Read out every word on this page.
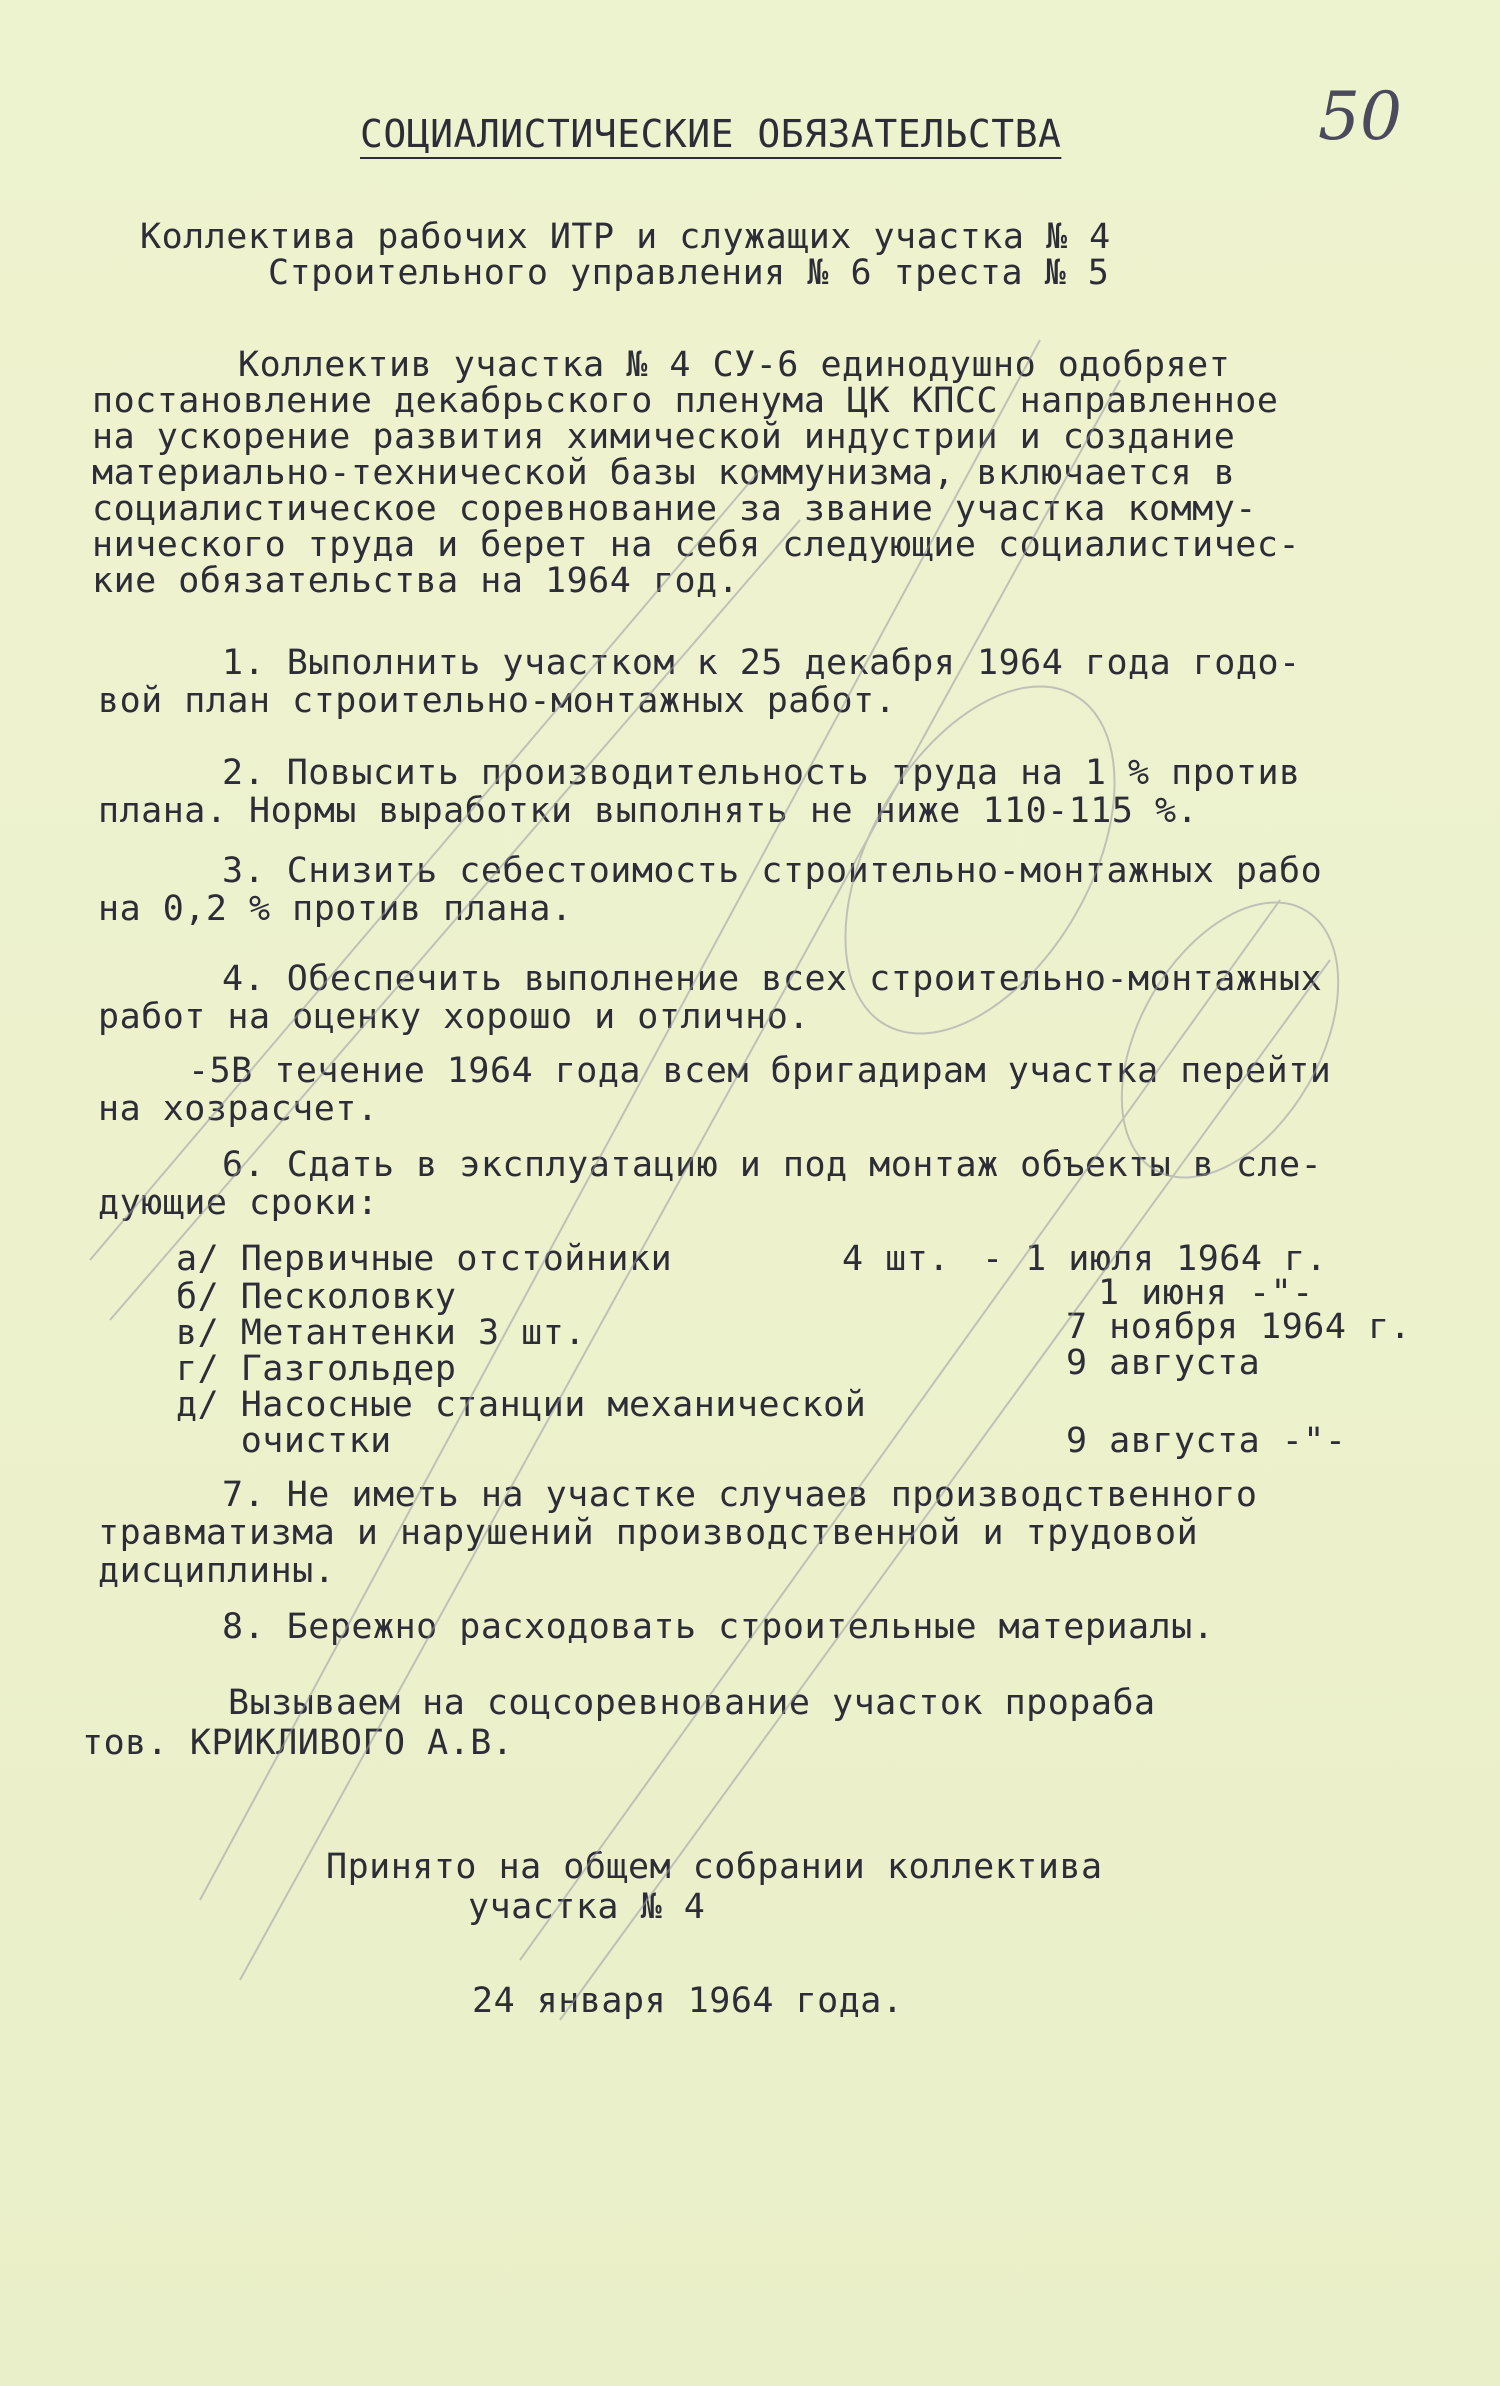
50
СОЦИАЛИСТИЧЕСКИЕ ОБЯЗАТЕЛЬСТВА
Коллектива рабочих ИТР и служащих участка № 4
Строительного управления № 6 треста № 5
Коллектив участка № 4 СУ-6 единодушно одобряет
постановление декабрьского пленума ЦК КПСС направленное
на ускорение развития химической индустрии и создание
материально-технической базы коммунизма, включается в
социалистическое соревнование за звание участка комму-
нического труда и берет на себя следующие социалистичес-
кие обязательства на 1964 год.
1. Выполнить участком к 25 декабря 1964 года годо-
вой план строительно-монтажных работ.
2. Повысить производительность труда на 1 % против
плана. Нормы выработки выполнять не ниже 110-115 %.
3. Снизить себестоимость строительно-монтажных рабо
на 0,2 % против плана.
4. Обеспечить выполнение всех строительно-монтажных
работ на оценку хорошо и отлично.
-5В течение 1964 года всем бригадирам участка перейти
на хозрасчет.
6. Сдать в эксплуатацию и под монтаж объекты в сле-
дующие сроки:
а/ Первичные отстойники	4 шт. - 1 июля 1964 г.
б/ Песколовку	1 июня -"-
в/ Метантенки 3 шт.	7 ноября 1964 г.
г/ Газгольдер	9 августа
д/ Насосные станции механической
очистки	9 августа -"-
7. Не иметь на участке случаев производственного
травматизма и нарушений производственной и трудовой
дисциплины.
8. Бережно расходовать строительные материалы.
Вызываем на соцсоревнование участок прораба
тов. КРИКЛИВОГО А.В.
Принято на общем собрании коллектива
участка № 4
24 января 1964 года.
